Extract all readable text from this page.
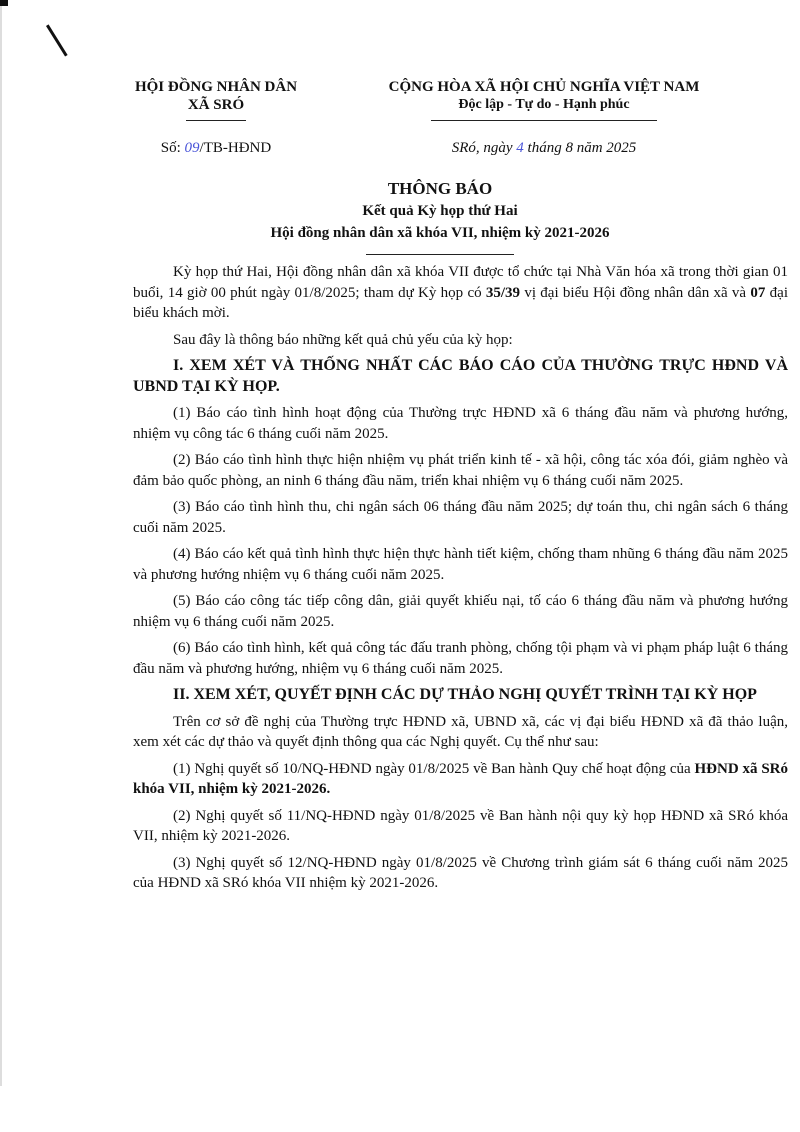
HỘI ĐỒNG NHÂN DÂN
XÃ SRÓ
CỘNG HÒA XÃ HỘI CHỦ NGHĨA VIỆT NAM
Độc lập - Tự do - Hạnh phúc
Số: 09/TB-HĐND	SRó, ngày 4 tháng 8 năm 2025
THÔNG BÁO
Kết quả Kỳ họp thứ Hai
Hội đồng nhân dân xã khóa VII, nhiệm kỳ 2021-2026

Kỳ họp thứ Hai, Hội đồng nhân dân xã khóa VII được tổ chức tại Nhà Văn hóa xã trong thời gian 01 buổi, 14 giờ 00 phút ngày 01/8/2025; tham dự Kỳ họp có 35/39 vị đại biểu Hội đồng nhân dân xã và 07 đại biểu khách mời.

Sau đây là thông báo những kết quả chủ yếu của kỳ họp:

I. XEM XÉT VÀ THỐNG NHẤT CÁC BÁO CÁO CỦA THƯỜNG TRỰC HĐND VÀ UBND TẠI KỲ HỌP.

(1) Báo cáo tình hình hoạt động của Thường trực HĐND xã 6 tháng đầu năm và phương hướng, nhiệm vụ công tác 6 tháng cuối năm 2025.

(2) Báo cáo tình hình thực hiện nhiệm vụ phát triển kinh tế - xã hội, công tác xóa đói, giảm nghèo và đảm bảo quốc phòng, an ninh 6 tháng đầu năm, triển khai nhiệm vụ 6 tháng cuối năm 2025.

(3) Báo cáo tình hình thu, chi ngân sách 06 tháng đầu năm 2025; dự toán thu, chi ngân sách 6 tháng cuối năm 2025.

(4) Báo cáo kết quả tình hình thực hiện thực hành tiết kiệm, chống tham nhũng 6 tháng đầu năm 2025 và phương hướng nhiệm vụ 6 tháng cuối năm 2025.

(5) Báo cáo công tác tiếp công dân, giải quyết khiếu nại, tố cáo 6 tháng đầu năm và phương hướng nhiệm vụ 6 tháng cuối năm 2025.

(6) Báo cáo tình hình, kết quả công tác đấu tranh phòng, chống tội phạm và vi phạm pháp luật 6 tháng đầu năm và phương hướng, nhiệm vụ 6 tháng cuối năm 2025.

II. XEM XÉT, QUYẾT ĐỊNH CÁC DỰ THẢO NGHỊ QUYẾT TRÌNH TẠI KỲ HỌP

Trên cơ sở đề nghị của Thường trực HĐND xã, UBND xã, các vị đại biểu HĐND xã đã thảo luận, xem xét các dự thảo và quyết định thông qua các Nghị quyết. Cụ thể như sau:

(1) Nghị quyết số 10/NQ-HĐND ngày 01/8/2025 về Ban hành Quy chế hoạt động của HĐND xã SRó khóa VII, nhiệm kỳ 2021-2026.

(2) Nghị quyết số 11/NQ-HĐND ngày 01/8/2025 về Ban hành nội quy kỳ họp HĐND xã SRó khóa VII, nhiệm kỳ 2021-2026.

(3) Nghị quyết số 12/NQ-HĐND ngày 01/8/2025 về Chương trình giám sát 6 tháng cuối năm 2025 của HĐND xã SRó khóa VII nhiệm kỳ 2021-2026.
